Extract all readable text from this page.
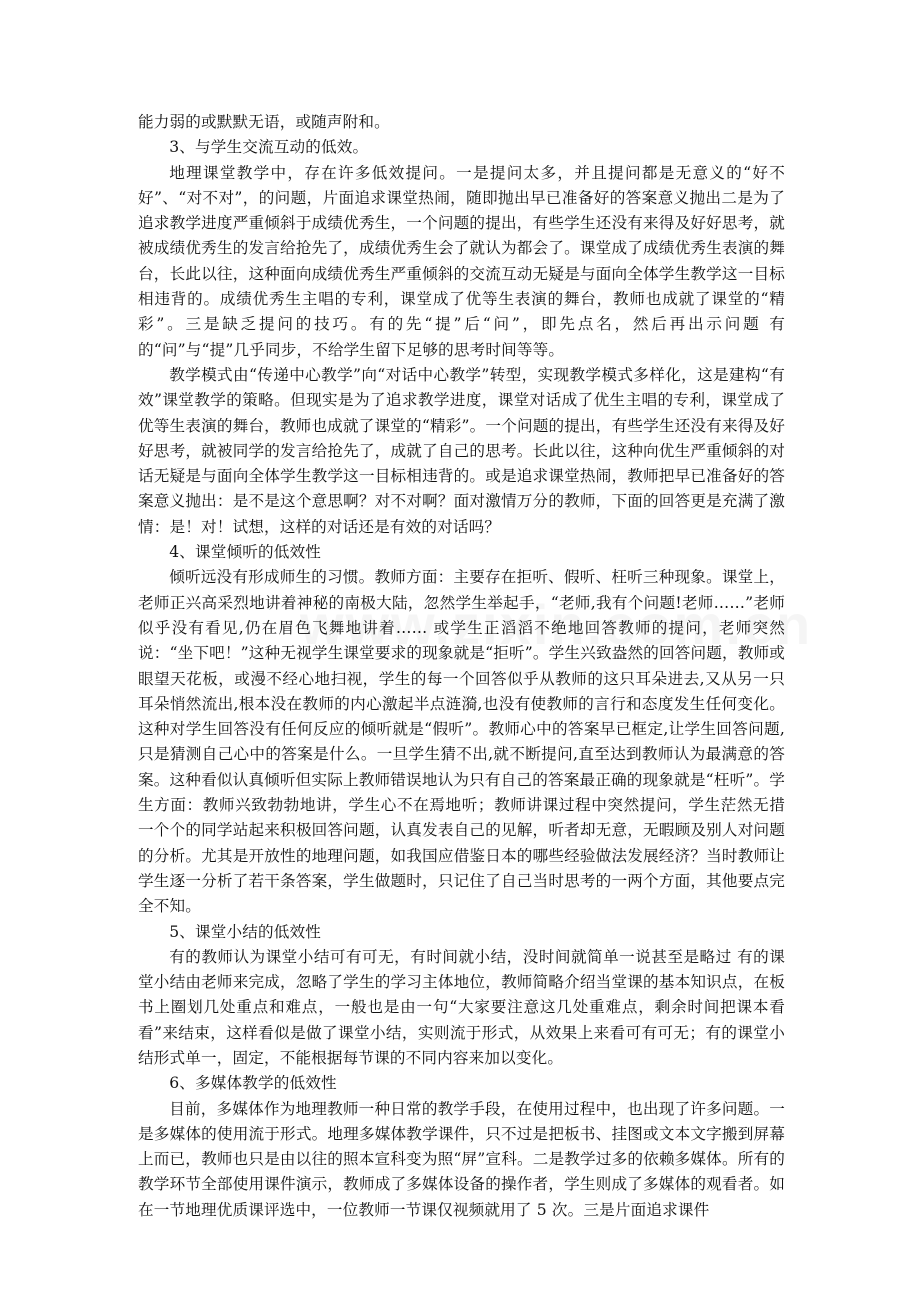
能力弱的或默默无语，或随声附和。

3、与学生交流互动的低效。

地理课堂教学中，存在许多低效提问。一是提问太多，并且提问都是无意义的“好不好”、“对不对”，的问题，片面追求课堂热闹，随即抛出早已准备好的答案意义抛出二是为了追求教学进度严重倾斜于成绩优秀生，一个问题的提出，有些学生还没有来得及好好思考，就被成绩优秀生的发言给抢先了，成绩优秀生会了就认为都会了。课堂成了成绩优秀生表演的舞台，长此以往，这种面向成绩优秀生严重倾斜的交流互动无疑是与面向全体学生教学这一目标相违背的。成绩优秀生主唱的专利，课堂成了优等生表演的舞台，教师也成就了课堂的“精彩”。三是缺乏提问的技巧。有的先“提”后“问”，即先点名，然后再出示问题 有的“问”与“提”几乎同步，不给学生留下足够的思考时间等等。

教学模式由“传递中心教学”向“对话中心教学”转型，实现教学模式多样化，这是建构“有效”课堂教学的策略。但现实是为了追求教学进度，课堂对话成了优生主唱的专利，课堂成了优等生表演的舞台，教师也成就了课堂的“精彩”。一个问题的提出，有些学生还没有来得及好好思考，就被同学的发言给抢先了，成就了自己的思考。长此以往，这种向优生严重倾斜的对话无疑是与面向全体学生教学这一目标相违背的。或是追求课堂热闹，教师把早已准备好的答案意义抛出：是不是这个意思啊？对不对啊？面对激情万分的教师，下面的回答更是充满了激情：是！对！试想，这样的对话还是有效的对话吗？

4、课堂倾听的低效性

倾听远没有形成师生的习惯。教师方面：主要存在拒听、假听、枉听三种现象。课堂上，老师正兴高采烈地讲着神秘的南极大陆，忽然学生举起手，“老师,我有个问题!老师……”老师似乎没有看见,仍在眉色飞舞地讲着…… 或学生正滔滔不绝地回答教师的提问，老师突然说：“坐下吧！”这种无视学生课堂要求的现象就是“拒听”。学生兴致盎然的回答问题，教师或眼望天花板，或漫不经心地扫视，学生的每一个回答似乎从教师的这只耳朵进去,又从另一只耳朵悄然流出,根本没在教师的内心激起半点涟漪,也没有使教师的言行和态度发生任何变化。这种对学生回答没有任何反应的倾听就是“假听”。教师心中的答案早已框定,让学生回答问题,只是猜测自己心中的答案是什么。一旦学生猜不出,就不断提问,直至达到教师认为最满意的答案。这种看似认真倾听但实际上教师错误地认为只有自己的答案最正确的现象就是“枉听”。学生方面：教师兴致勃勃地讲，学生心不在焉地听；教师讲课过程中突然提问，学生茫然无措 一个个的同学站起来积极回答问题，认真发表自己的见解，听者却无意，无暇顾及别人对问题的分析。尤其是开放性的地理问题，如我国应借鉴日本的哪些经验做法发展经济？当时教师让学生逐一分析了若干条答案，学生做题时，只记住了自己当时思考的一两个方面，其他要点完全不知。

5、课堂小结的低效性

有的教师认为课堂小结可有可无，有时间就小结，没时间就简单一说甚至是略过 有的课堂小结由老师来完成，忽略了学生的学习主体地位，教师简略介绍当堂课的基本知识点，在板书上圈划几处重点和难点，一般也是由一句“大家要注意这几处重难点，剩余时间把课本看看”来结束，这样看似是做了课堂小结，实则流于形式，从效果上来看可有可无；有的课堂小结形式单一，固定，不能根据每节课的不同内容来加以变化。

6、多媒体教学的低效性

目前，多媒体作为地理教师一种日常的教学手段，在使用过程中，也出现了许多问题。一是多媒体的使用流于形式。地理多媒体教学课件，只不过是把板书、挂图或文本文字搬到屏幕上而已，教师也只是由以往的照本宣科变为照“屏”宣科。二是教学过多的依赖多媒体。所有的教学环节全部使用课件演示，教师成了多媒体设备的操作者，学生则成了多媒体的观看者。如在一节地理优质课评选中，一位教师一节课仅视频就用了 5 次。三是片面追求课件
